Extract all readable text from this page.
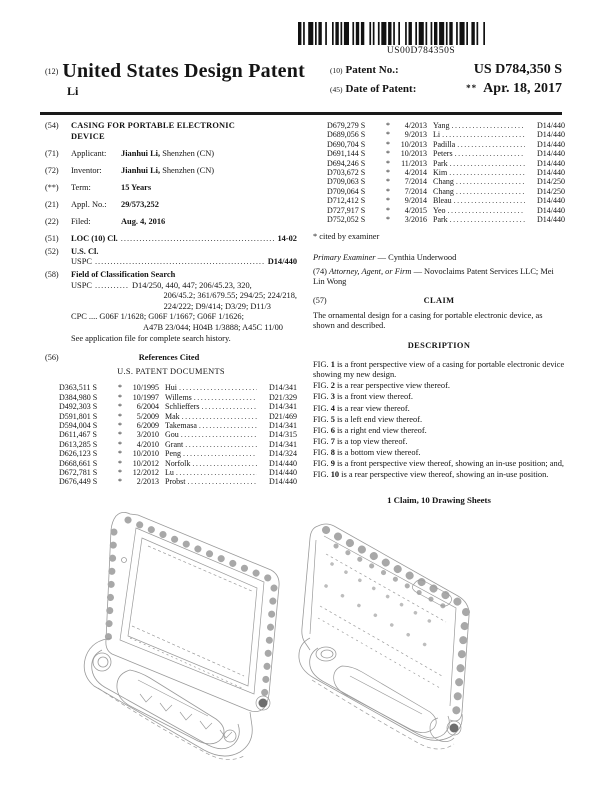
US00D784350S
(12) United States Design Patent
Li
(10) Patent No.:	US D784,350 S
(45) Date of Patent:	** Apr. 18, 2017
(54)	CASING FOR PORTABLE ELECTRONIC DEVICE
(71)	Applicant: Jianhui Li, Shenzhen (CN)
(72)	Inventor: Jianhui Li, Shenzhen (CN)
(**)	Term:	15 Years
(21)	Appl. No.: 29/573,252
(22)	Filed:	Aug. 4, 2016
(51)	LOC (10) Cl. .....	14-02
(52)	U.S. Cl.
USPC .....	D14/440
(58)	Field of Classification Search
USPC .....	D14/250, 440, 447; 206/45.23, 320,
206/45.2; 361/679.55; 294/25; 224/218,
224/222; D9/414; D3/29; D11/3
CPC .... G06F 1/1628; G06F 1/1667; G06F 1/1626;
A47B 23/044; H04B 1/3888; A45C 11/00
See application file for complete search history.
(56)	References Cited
U.S. PATENT DOCUMENTS
D363,511 S	*	10/1995 Hui .....	D14/341
D384,980 S	*	10/1997 Willems .....	D21/329
D492,303 S	*	6/2004 Schlieffers .....	D14/341
D591,801 S	*	5/2009 Mak .....	D21/469
D594,004 S	*	6/2009 Takemasa .....	D14/341
D611,467 S	*	3/2010 Gou .....	D14/315
D613,285 S	*	4/2010 Grant .....	D14/341
D626,123 S	*	10/2010 Peng .....	D14/324
D668,661 S	*	10/2012 Norfolk .....	D14/440
D672,781 S	*	12/2012 Lu .....	D14/440
D676,449 S	*	2/2013 Probst .....	D14/440
D679,279 S	*	4/2013 Yang .....	D14/440
D689,056 S	*	9/2013 Li .....	D14/440
D690,704 S	*	10/2013 Padilla .....	D14/440
D691,144 S	*	10/2013 Peters .....	D14/440
D694,246 S	*	11/2013 Park .....	D14/440
D703,672 S	*	4/2014 Kim .....	D14/440
D709,063 S	*	7/2014 Chang .....	D14/250
D709,064 S	*	7/2014 Chang .....	D14/250
D712,412 S	*	9/2014 Bleau .....	D14/440
D727,917 S	*	4/2015 Yeo .....	D14/440
D752,052 S	*	3/2016 Park .....	D14/440
* cited by examiner
Primary Examiner — Cynthia Underwood
(74) Attorney, Agent, or Firm — Novoclaims Patent Services LLC; Mei Lin Wong
(57)	CLAIM
The ornamental design for a casing for portable electronic device, as shown and described.
DESCRIPTION
FIG. 1 is a front perspective view of a casing for portable electronic device showing my new design.
FIG. 2 is a rear perspective view thereof.
FIG. 3 is a front view thereof.
FIG. 4 is a rear view thereof.
FIG. 5 is a left end view thereof.
FIG. 6 is a right end view thereof.
FIG. 7 is a top view thereof.
FIG. 8 is a bottom view thereof.
FIG. 9 is a front perspective view thereof, showing an in-use position; and,
FIG. 10 is a rear perspective view thereof, showing an in-use position.
1 Claim, 10 Drawing Sheets
